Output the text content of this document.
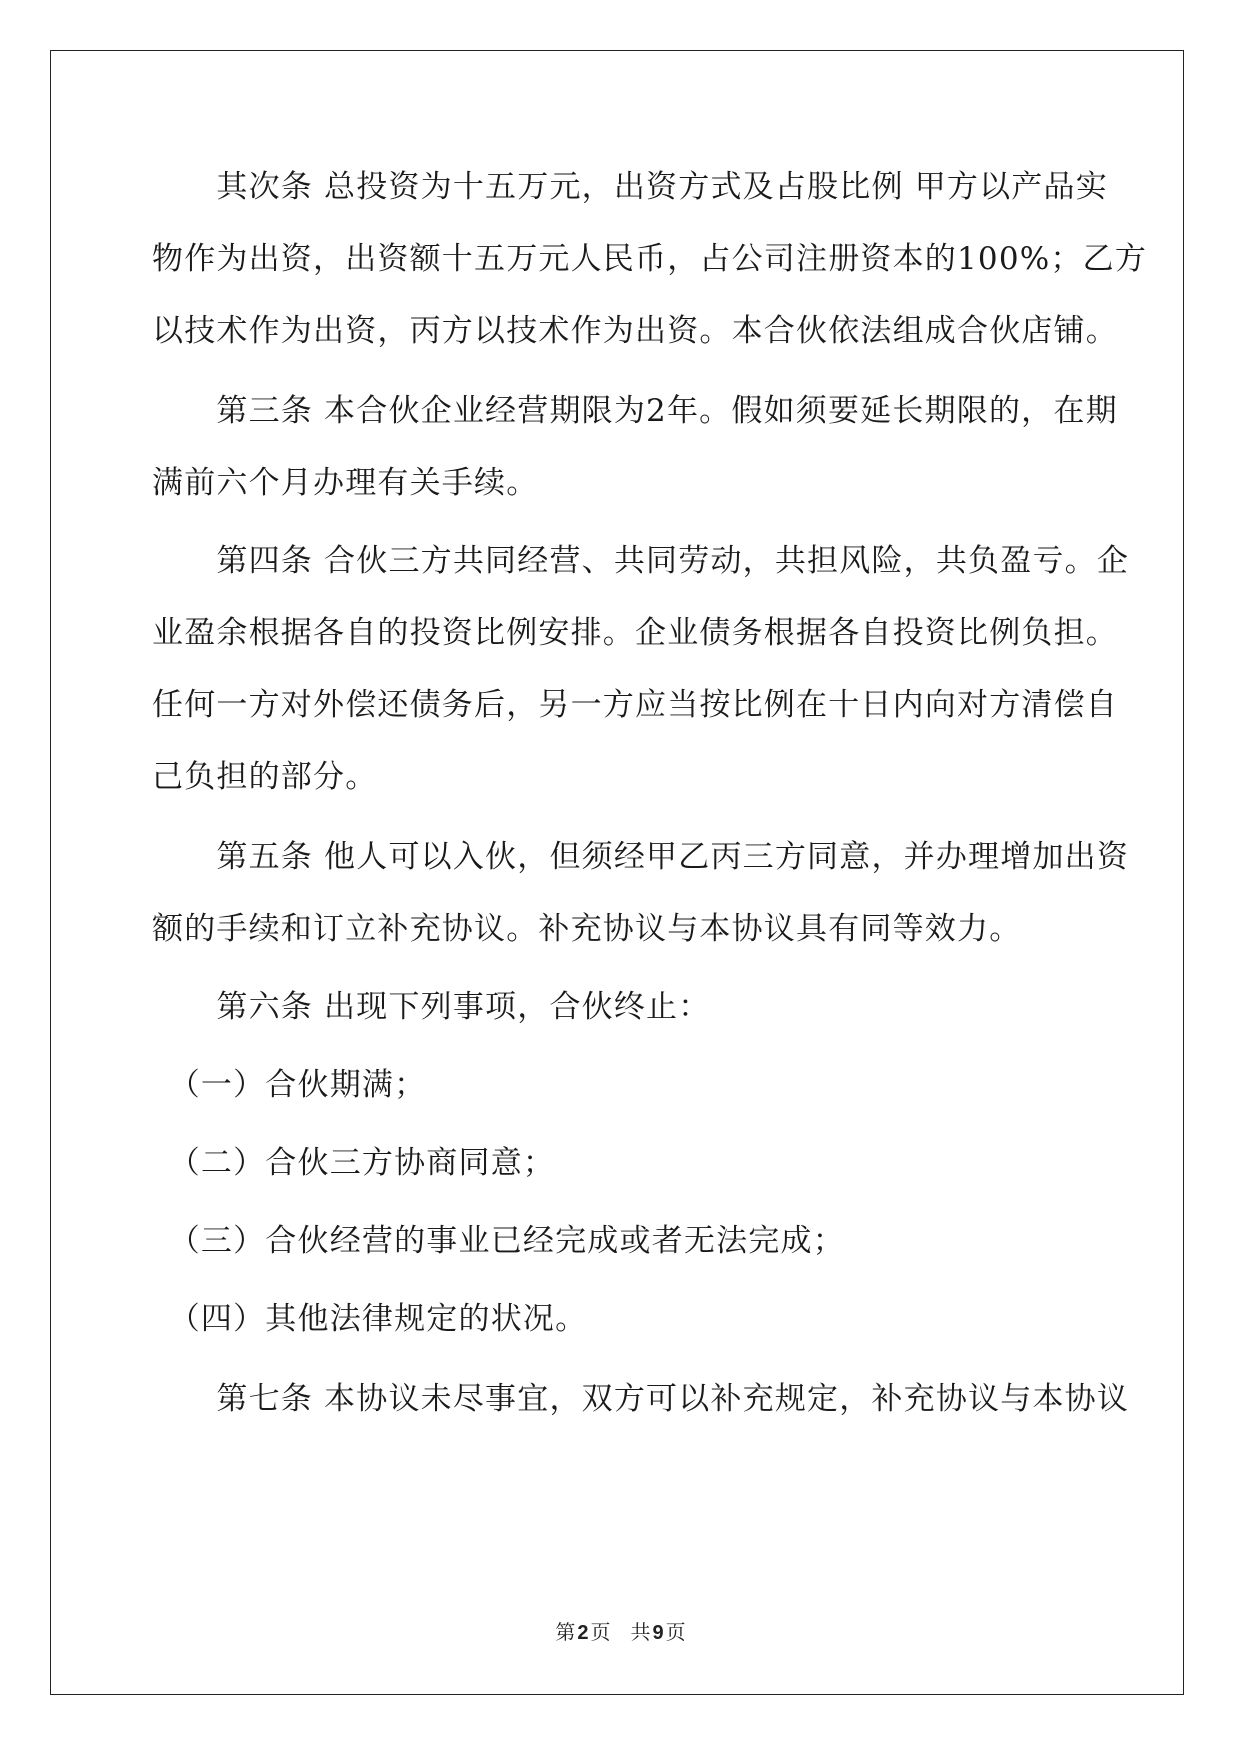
　　其次条 总投资为十五万元，出资方式及占股比例 甲方以产品实
物作为出资，出资额十五万元人民币，占公司注册资本的100%；乙方
以技术作为出资，丙方以技术作为出资。本合伙依法组成合伙店铺。
　　第三条 本合伙企业经营期限为2年。假如须要延长期限的，在期
满前六个月办理有关手续。
　　第四条 合伙三方共同经营、共同劳动，共担风险，共负盈亏。企
业盈余根据各自的投资比例安排。企业债务根据各自投资比例负担。
任何一方对外偿还债务后，另一方应当按比例在十日内向对方清偿自
己负担的部分。
　　第五条 他人可以入伙，但须经甲乙丙三方同意，并办理增加出资
额的手续和订立补充协议。补充协议与本协议具有同等效力。
　　第六条 出现下列事项，合伙终止：
　（一）合伙期满；
　（二）合伙三方协商同意；
　（三）合伙经营的事业已经完成或者无法完成；
　（四）其他法律规定的状况。
　　第七条 本协议未尽事宜，双方可以补充规定，补充协议与本协议
第 2 页　共 9 页
